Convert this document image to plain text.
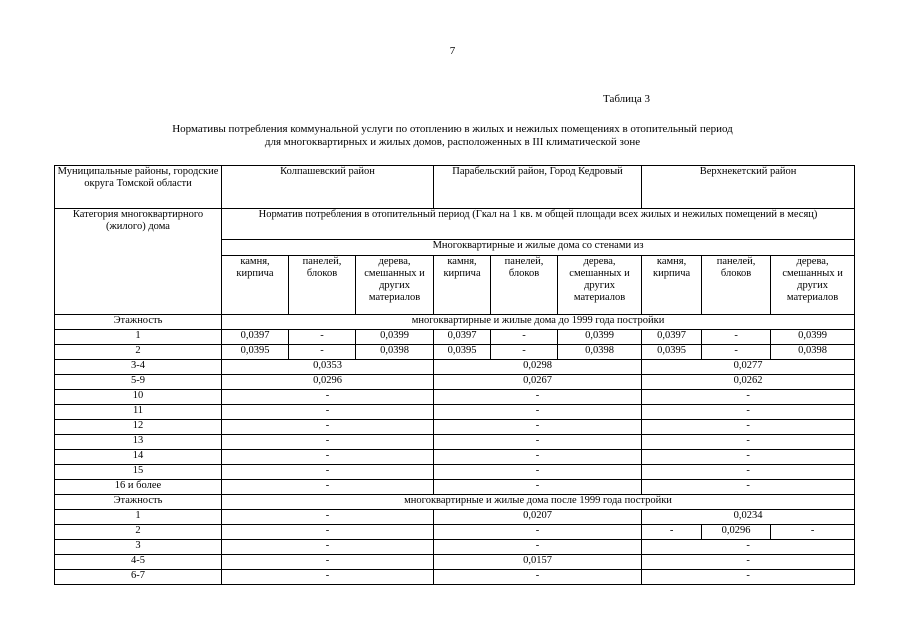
7
Таблица 3
Нормативы потребления коммунальной услуги по отоплению в жилых и нежилых помещениях в отопительный период
для многоквартирных и жилых домов, расположенных в III климатической зоне
Муниципальные районы, городские округа Томской области	Колпашевский район			Парабельский район, Город Кедровый			Верхнекетский район		
Категория многоквартирного (жилого) дома	Норматив потребления в отопительный период (Гкал на 1 кв. м общей площади всех жилых и нежилых помещений в месяц)								

	Многоквартирные и жилые дома со стенами из								
	камня, кирпича	панелей, блоков	дерева, смешанных и других материалов	камня, кирпича	панелей, блоков	дерева, смешанных и других материалов	камня, кирпича	панелей, блоков	дерева, смешанных и других материалов
Этажность	многоквартирные и жилые дома до 1999 года постройки								
1	0,0397	-	0,0399	0,0397	-	0,0399	0,0397	-	0,0399
2	0,0395	-	0,0398	0,0395	-	0,0398	0,0395	-	0,0398
3-4	0,0353			0,0298			0,0277		
5-9	0,0296			0,0267			0,0262		
10	-			-			-		
11	-			-			-		
12	-			-			-		
13	-			-			-		
14	-			-			-		
15	-			-			-		
16 и более	-			-			-		
Этажность	многоквартирные и жилые дома после 1999 года постройки								
1	-			0,0207			0,0234		
2	-			-			-	0,0296	-
3	-			-			-		
4-5	-			0,0157			-		
6-7	-			-			-		
